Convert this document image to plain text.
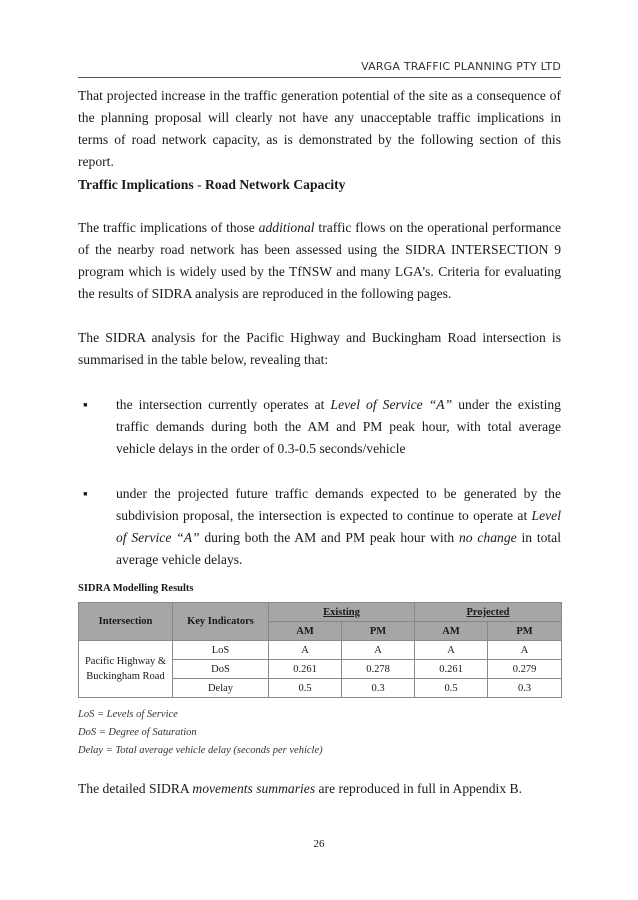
VARGA TRAFFIC PLANNING PTY LTD
That projected increase in the traffic generation potential of the site as a consequence of the planning proposal will clearly not have any unacceptable traffic implications in terms of road network capacity, as is demonstrated by the following section of this report.
Traffic Implications - Road Network Capacity
The traffic implications of those additional traffic flows on the operational performance of the nearby road network has been assessed using the SIDRA INTERSECTION 9 program which is widely used by the TfNSW and many LGA’s. Criteria for evaluating the results of SIDRA analysis are reproduced in the following pages.
The SIDRA analysis for the Pacific Highway and Buckingham Road intersection is summarised in the table below, revealing that:
▪ the intersection currently operates at Level of Service “A” under the existing traffic demands during both the AM and PM peak hour, with total average vehicle delays in the order of 0.3-0.5 seconds/vehicle
▪ under the projected future traffic demands expected to be generated by the subdivision proposal, the intersection is expected to continue to operate at Level of Service “A” during both the AM and PM peak hour with no change in total average vehicle delays.
SIDRA Modelling Results
Intersection	Key Indicators	Existing		Projected	
		AM	PM	AM	PM
Pacific Highway & Buckingham Road	LoS	A	A	A	A
	DoS	0.261	0.278	0.261	0.279
	Delay	0.5	0.3	0.5	0.3
LoS = Levels of Service
DoS = Degree of Saturation
Delay = Total average vehicle delay (seconds per vehicle)
The detailed SIDRA movements summaries are reproduced in full in Appendix B.
26
